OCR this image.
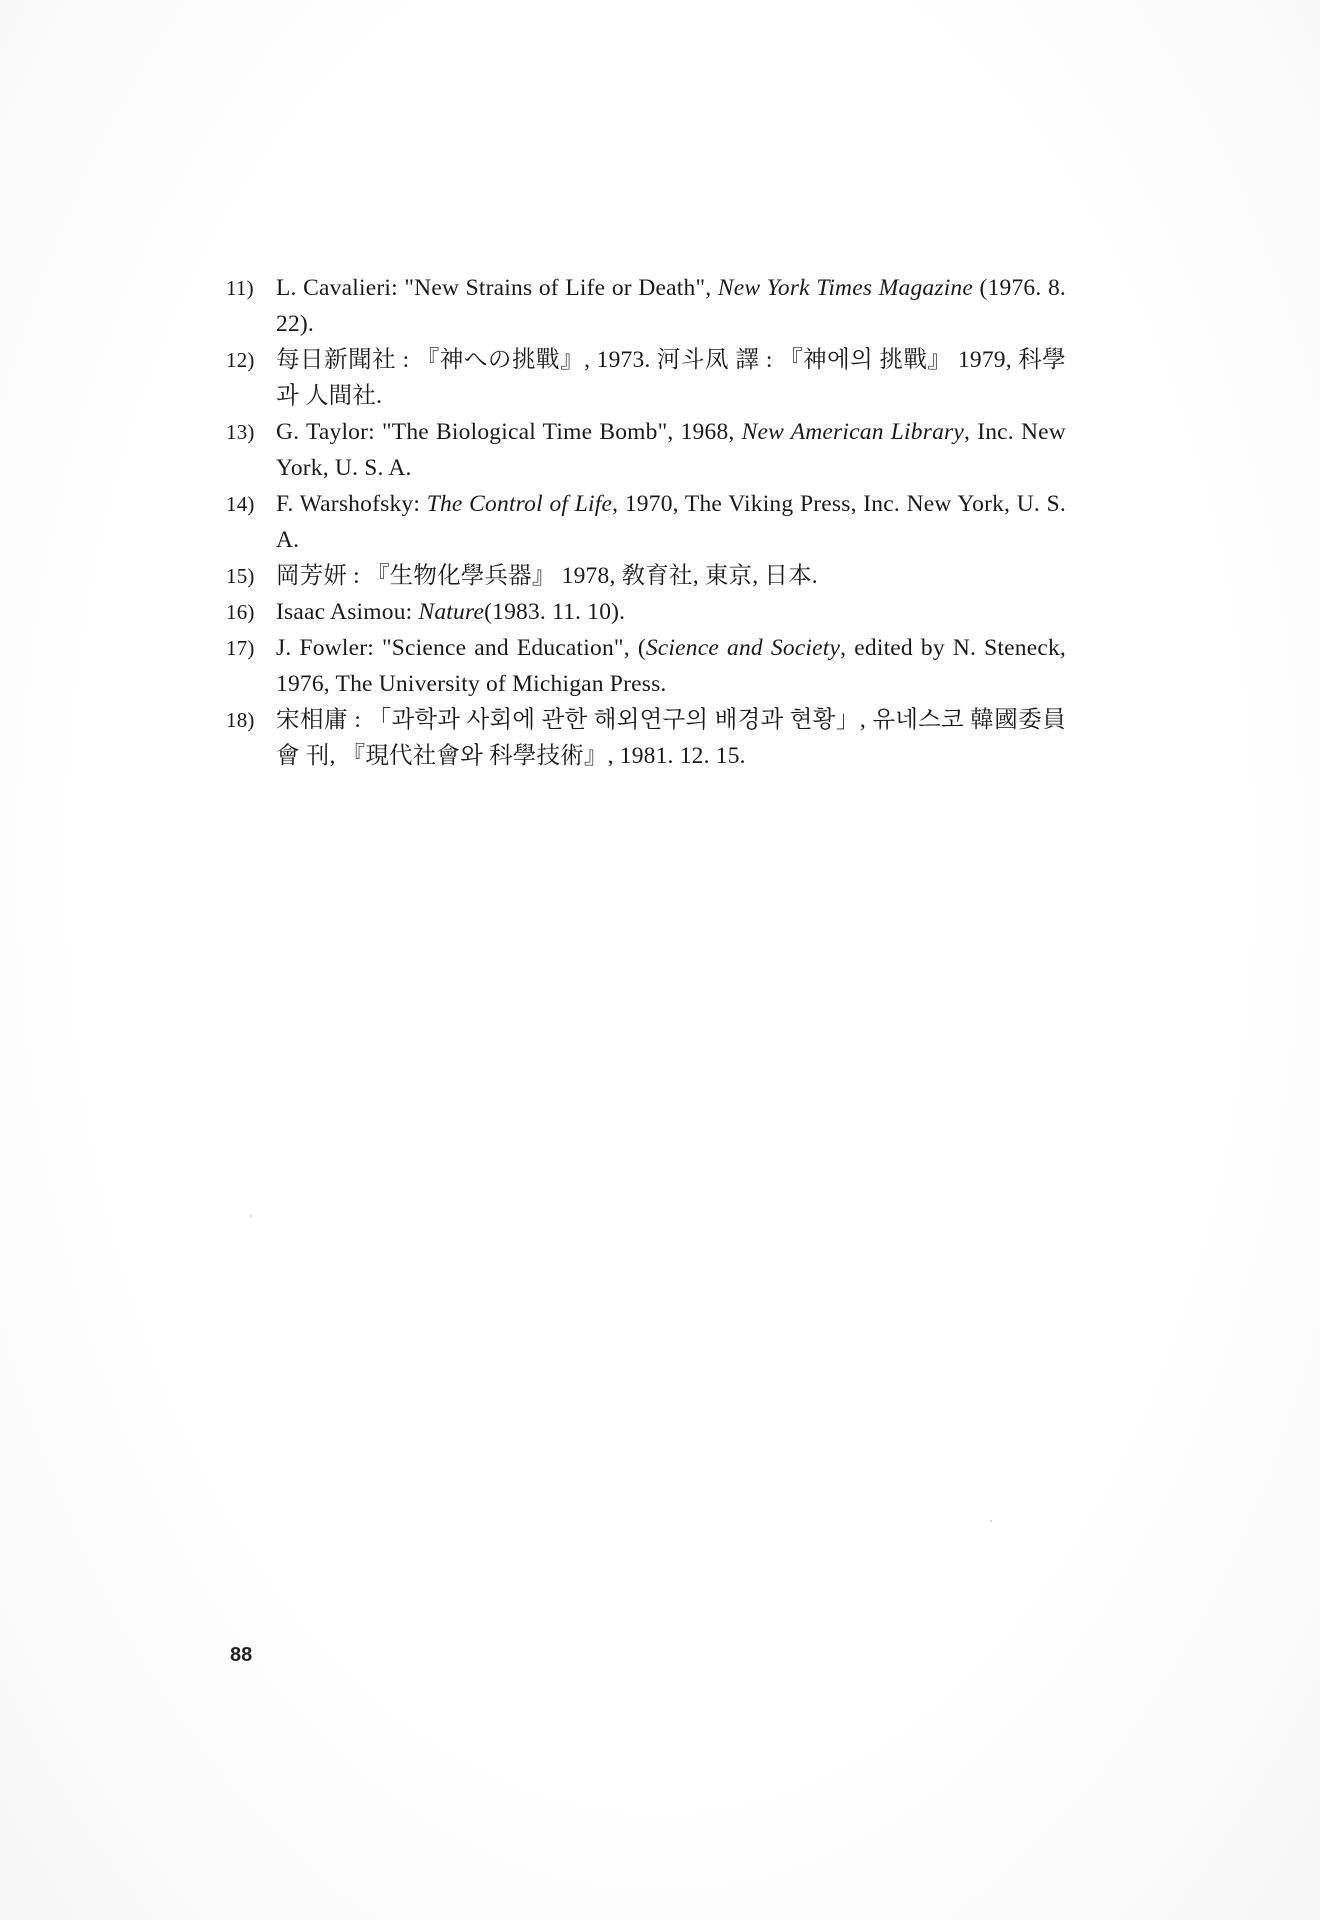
11) L. Cavalieri: "New Strains of Life or Death", New York Times Magazine (1976. 8. 22).
12) 每日新聞社 : 『神への挑戰』, 1973. 河斗凤 譯 : 『神에의 挑戰』 1979, 科學과 人間社.
13) G. Taylor: "The Biological Time Bomb", 1968, New American Library, Inc. New York, U. S. A.
14) F. Warshofsky: The Control of Life, 1970, The Viking Press, Inc. New York, U. S. A.
15) 岡芳妍 : 『生物化學兵器』 1978, 敎育社, 東京, 日本.
16) Isaac Asimou: Nature(1983. 11. 10).
17) J. Fowler: "Science and Education", (Science and Society, edited by N. Steneck, 1976, The University of Michigan Press.
18) 宋相庸 : 「과학과 사회에 관한 해외연구의 배경과 현황」, 유네스코 韓國委員會 刊, 『現代社會와 科學技術』, 1981. 12. 15.
88
